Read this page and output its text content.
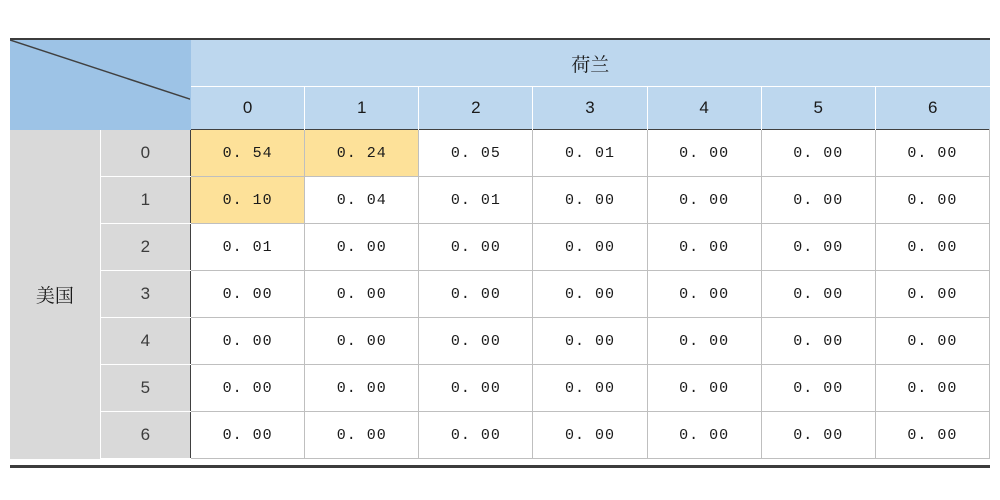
	荷兰						
		0	1	2	3	4	5	6
美国	0	0. 54	0. 24	0. 05	0. 01	0. 00	0. 00	0. 00
	1	0. 10	0. 04	0. 01	0. 00	0. 00	0. 00	0. 00
	2	0. 01	0. 00	0. 00	0. 00	0. 00	0. 00	0. 00
	3	0. 00	0. 00	0. 00	0. 00	0. 00	0. 00	0. 00
	4	0. 00	0. 00	0. 00	0. 00	0. 00	0. 00	0. 00
	5	0. 00	0. 00	0. 00	0. 00	0. 00	0. 00	0. 00
	6	0. 00	0. 00	0. 00	0. 00	0. 00	0. 00	0. 00
